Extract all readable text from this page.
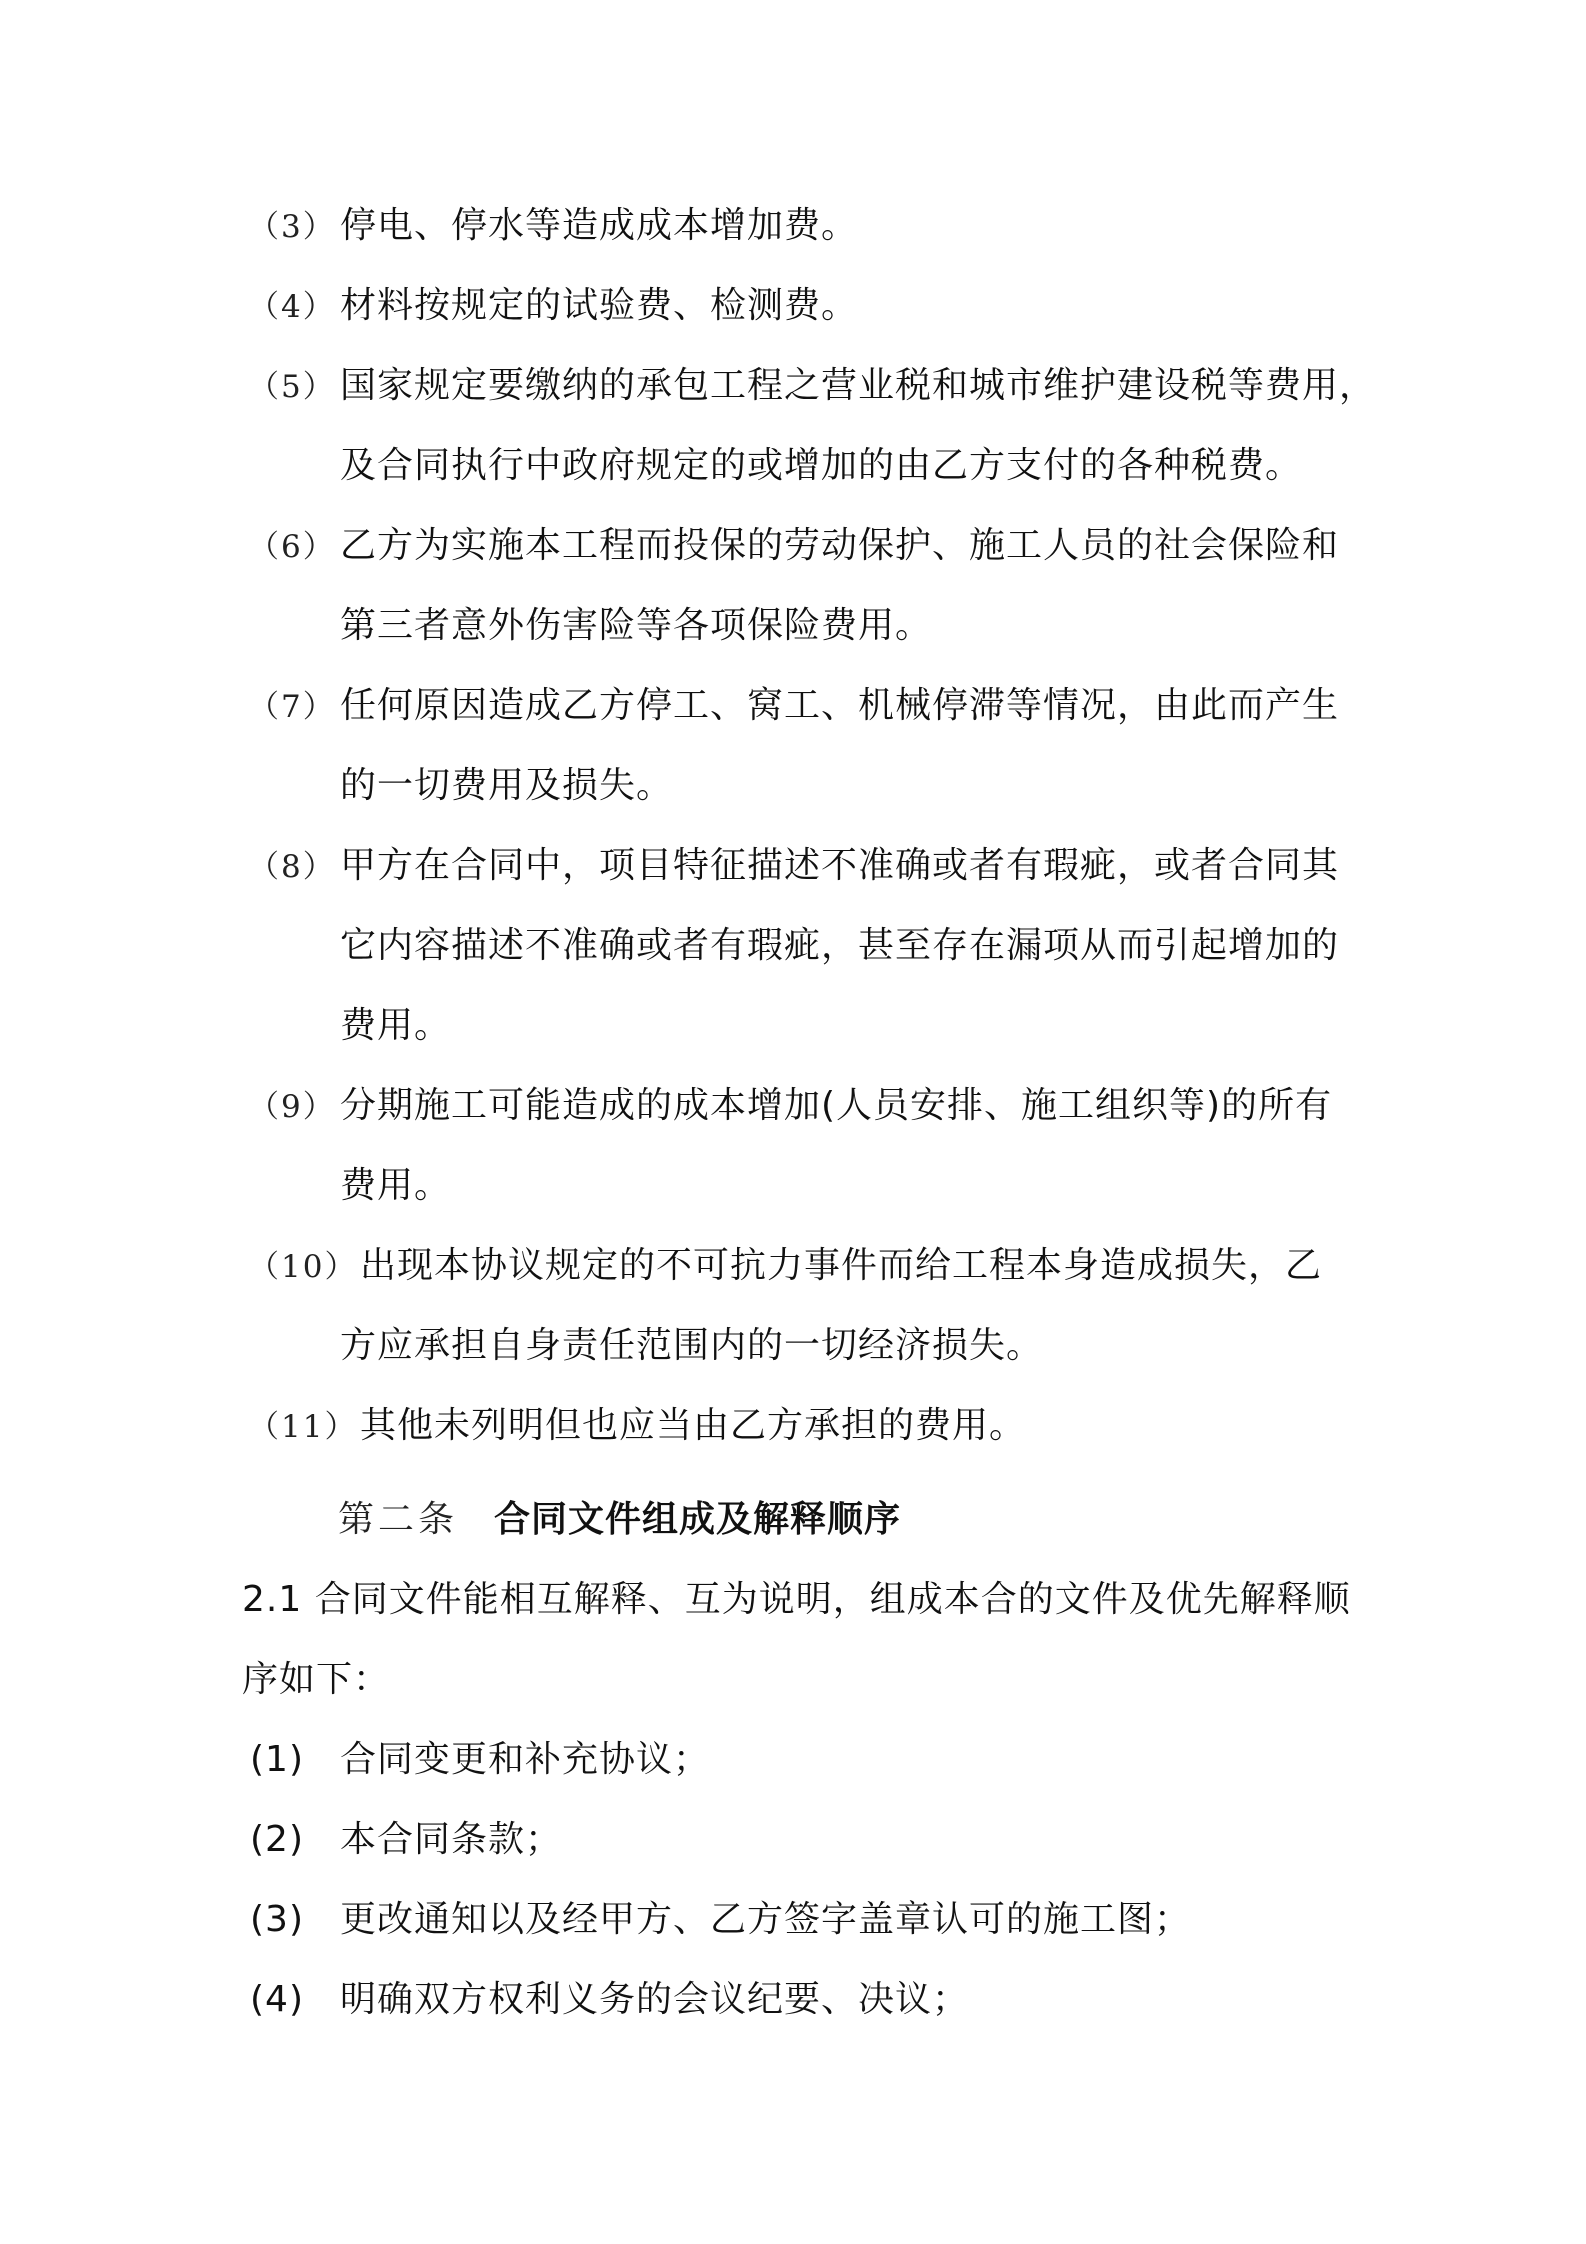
（3） 停电、停水等造成成本增加费。
（4） 材料按规定的试验费、检测费。
（5） 国家规定要缴纳的承包工程之营业税和城市维护建设税等费用，
及合同执行中政府规定的或增加的由乙方支付的各种税费。
（6） 乙方为实施本工程而投保的劳动保护、施工人员的社会保险和
第三者意外伤害险等各项保险费用。
（7） 任何原因造成乙方停工、窝工、机械停滞等情况，由此而产生
的一切费用及损失。
（8） 甲方在合同中，项目特征描述不准确或者有瑕疵，或者合同其
它内容描述不准确或者有瑕疵，甚至存在漏项从而引起增加的
费用。
（9） 分期施工可能造成的成本增加(人员安排、施工组织等)的所有
费用。
（10）出现本协议规定的不可抗力事件而给工程本身造成损失，乙
方应承担自身责任范围内的一切经济损失。
（11）其他未列明但也应当由乙方承担的费用。
第二条 合同文件组成及解释顺序
2.1 合同文件能相互解释、互为说明，组成本合的文件及优先解释顺
序如下：
(1) 合同变更和补充协议；
(2) 本合同条款；
(3) 更改通知以及经甲方、乙方签字盖章认可的施工图；
(4) 明确双方权利义务的会议纪要、决议；
